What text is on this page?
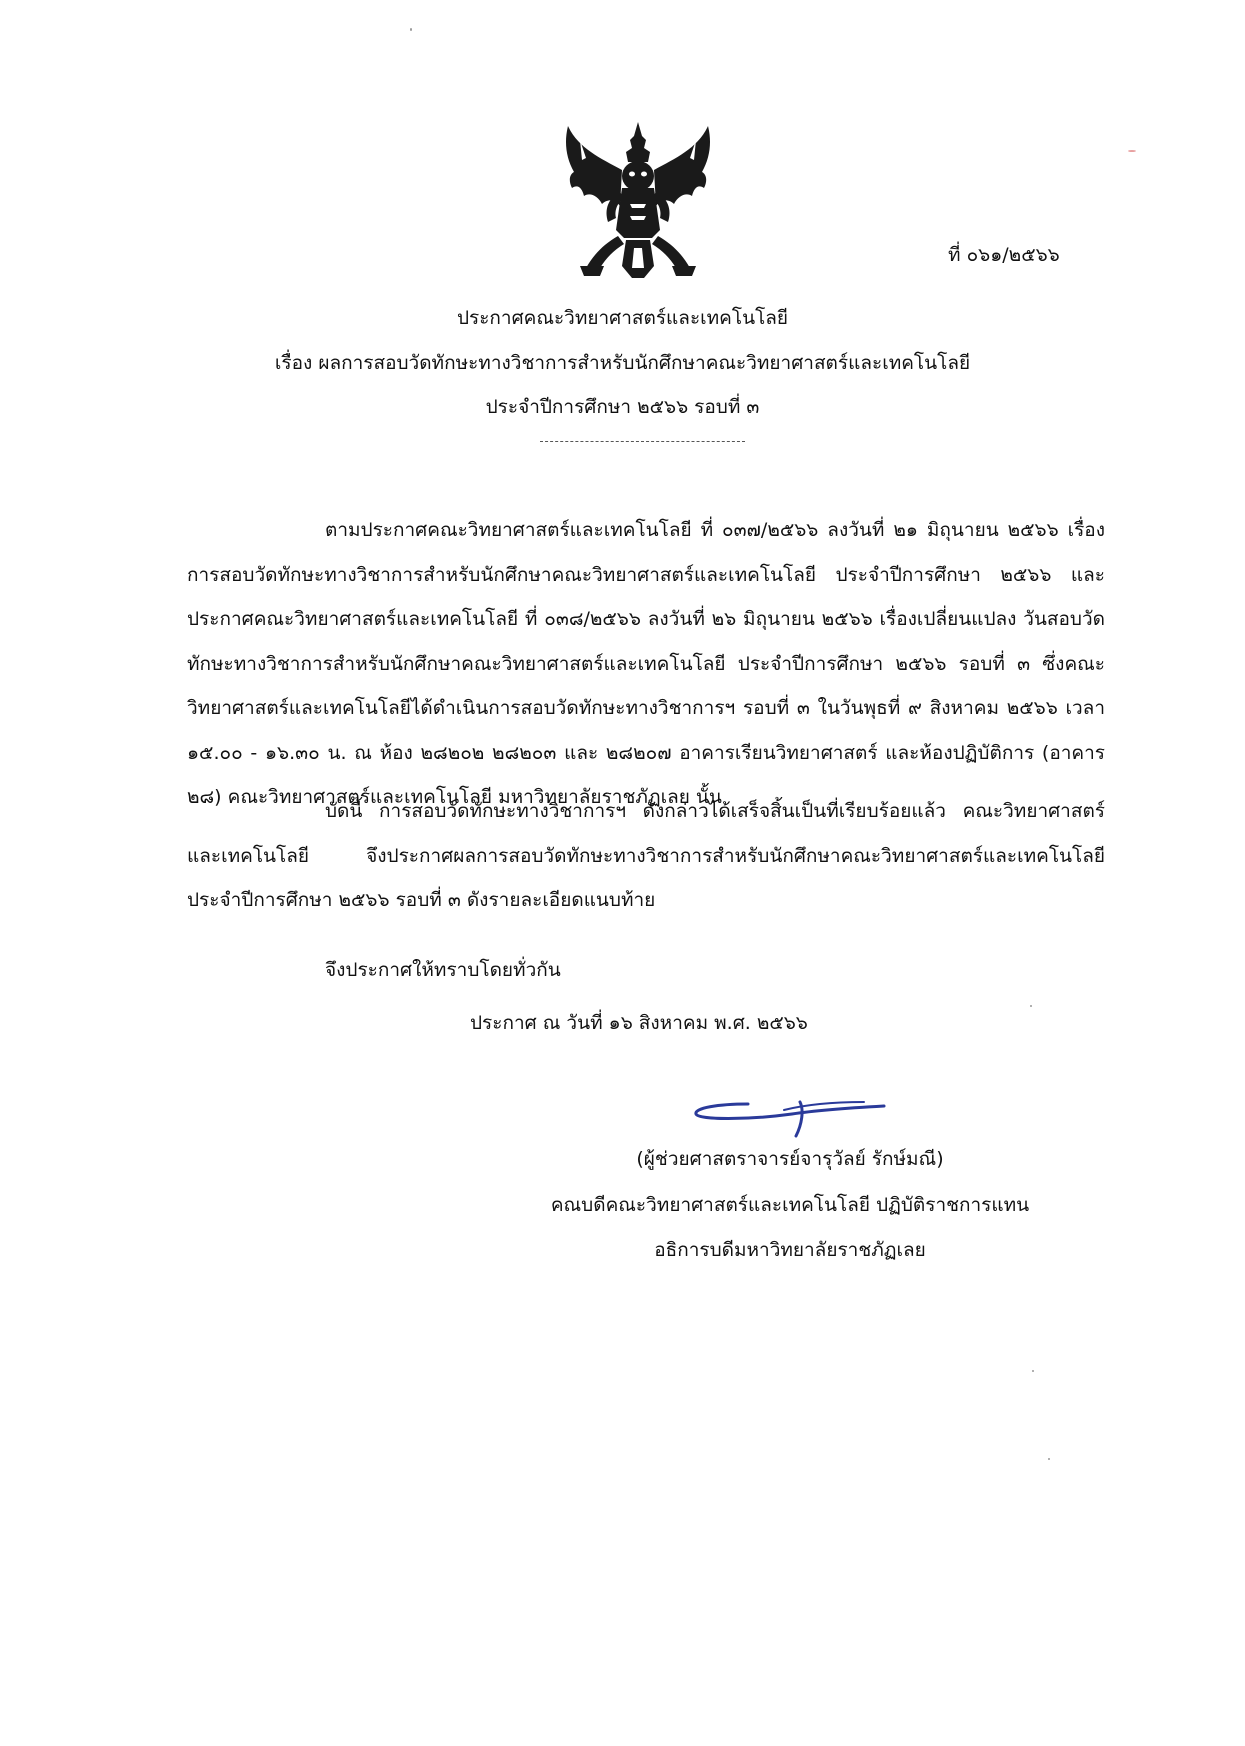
ที่ ๐๖๑/๒๕๖๖
ประกาศคณะวิทยาศาสตร์และเทคโนโลยี
เรื่อง ผลการสอบวัดทักษะทางวิชาการสำหรับนักศึกษาคณะวิทยาศาสตร์และเทคโนโลยี
ประจำปีการศึกษา ๒๕๖๖ รอบที่ ๓
ตามประกาศคณะวิทยาศาสตร์และเทคโนโลยี ที่ ๐๓๗/๒๕๖๖ ลงวันที่ ๒๑ มิถุนายน ๒๕๖๖ เรื่อง การสอบวัดทักษะทางวิชาการสำหรับนักศึกษาคณะวิทยาศาสตร์และเทคโนโลยี ประจำปีการศึกษา ๒๕๖๖ และประกาศคณะวิทยาศาสตร์และเทคโนโลยี ที่ ๐๓๘/๒๕๖๖ ลงวันที่ ๒๖ มิถุนายน ๒๕๖๖ เรื่องเปลี่ยนแปลง วันสอบวัดทักษะทางวิชาการสำหรับนักศึกษาคณะวิทยาศาสตร์และเทคโนโลยี ประจำปีการศึกษา ๒๕๖๖ รอบที่ ๓ ซึ่งคณะวิทยาศาสตร์และเทคโนโลยีได้ดำเนินการสอบวัดทักษะทางวิชาการฯ รอบที่ ๓ ในวันพุธที่ ๙ สิงหาคม ๒๕๖๖ เวลา ๑๕.๐๐ - ๑๖.๓๐ น. ณ ห้อง ๒๘๒๐๒ ๒๘๒๐๓ และ ๒๘๒๐๗ อาคารเรียนวิทยาศาสตร์ และห้องปฏิบัติการ (อาคาร ๒๘) คณะวิทยาศาสตร์และเทคโนโลยี มหาวิทยาลัยราชภัฏเลย นั้น
บัดนี้ การสอบวัดทักษะทางวิชาการฯ ดังกล่าวได้เสร็จสิ้นเป็นที่เรียบร้อยแล้ว คณะวิทยาศาสตร์ และเทคโนโลยี จึงประกาศผลการสอบวัดทักษะทางวิชาการสำหรับนักศึกษาคณะวิทยาศาสตร์และเทคโนโลยี ประจำปีการศึกษา ๒๕๖๖ รอบที่ ๓ ดังรายละเอียดแนบท้าย
จึงประกาศให้ทราบโดยทั่วกัน
ประกาศ ณ วันที่ ๑๖ สิงหาคม พ.ศ. ๒๕๖๖
(ผู้ช่วยศาสตราจารย์จารุวัลย์ รักษ์มณี)
คณบดีคณะวิทยาศาสตร์และเทคโนโลยี ปฏิบัติราชการแทน
อธิการบดีมหาวิทยาลัยราชภัฏเลย
